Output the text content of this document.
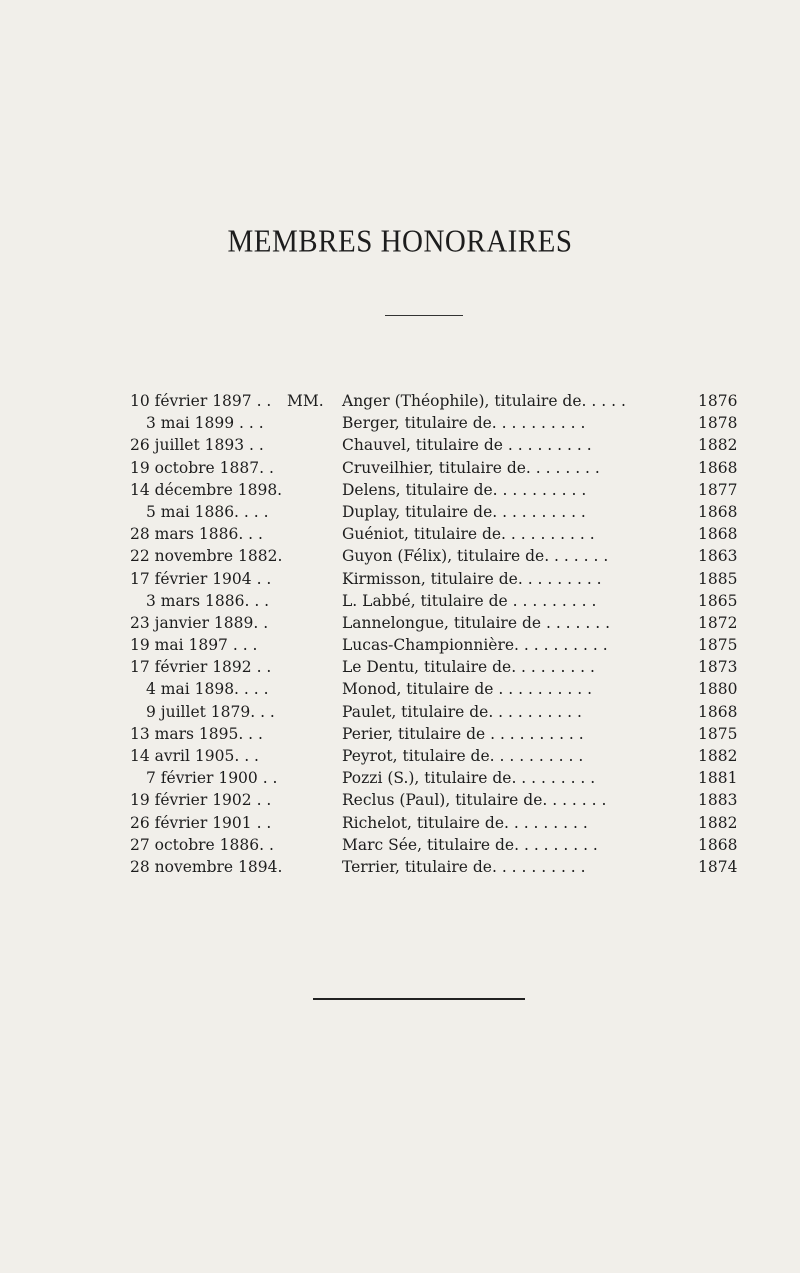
MEMBRES HONORAIRES
10 février 1897 . . MM. Anger (Théophile), titulaire de. . . . .	1876
3 mai 1899 . . .	Berger, titulaire de. . . . . . . . . .	1878
26 juillet 1893 . .	Chauvel, titulaire de . . . . . . . . .	1882
19 octobre 1887. .	Cruveilhier, titulaire de. . . . . . . .	1868
14 décembre 1898.	Delens, titulaire de. . . . . . . . . .	1877
5 mai 1886. . . .	Duplay, titulaire de. . . . . . . . . .	1868
28 mars 1886. . .	Guéniot, titulaire de. . . . . . . . . .	1868
22 novembre 1882.	Guyon (Félix), titulaire de. . . . . . .	1863
17 février 1904 . .	Kirmisson, titulaire de. . . . . . . . .	1885
3 mars 1886. . .	L. Labbé, titulaire de . . . . . . . . .	1865
23 janvier 1889. .	Lannelongue, titulaire de . . . . . . .	1872
19 mai 1897 . . .	Lucas-Championnière. . . . . . . . . .	1875
17 février 1892 . .	Le Dentu, titulaire de. . . . . . . . .	1873
4 mai 1898. . . .	Monod, titulaire de . . . . . . . . . .	1880
9 juillet 1879. . .	Paulet, titulaire de. . . . . . . . . .	1868
13 mars 1895. . .	Perier, titulaire de . . . . . . . . . .	1875
14 avril 1905. . .	Peyrot, titulaire de. . . . . . . . . .	1882
7 février 1900 . .	Pozzi (S.), titulaire de. . . . . . . . .	1881
19 février 1902 . .	Reclus (Paul), titulaire de. . . . . . .	1883
26 février 1901 . .	Richelot, titulaire de. . . . . . . . .	1882
27 octobre 1886. .	Marc Sée, titulaire de. . . . . . . . .	1868
28 novembre 1894.	Terrier, titulaire de. . . . . . . . . .	1874
